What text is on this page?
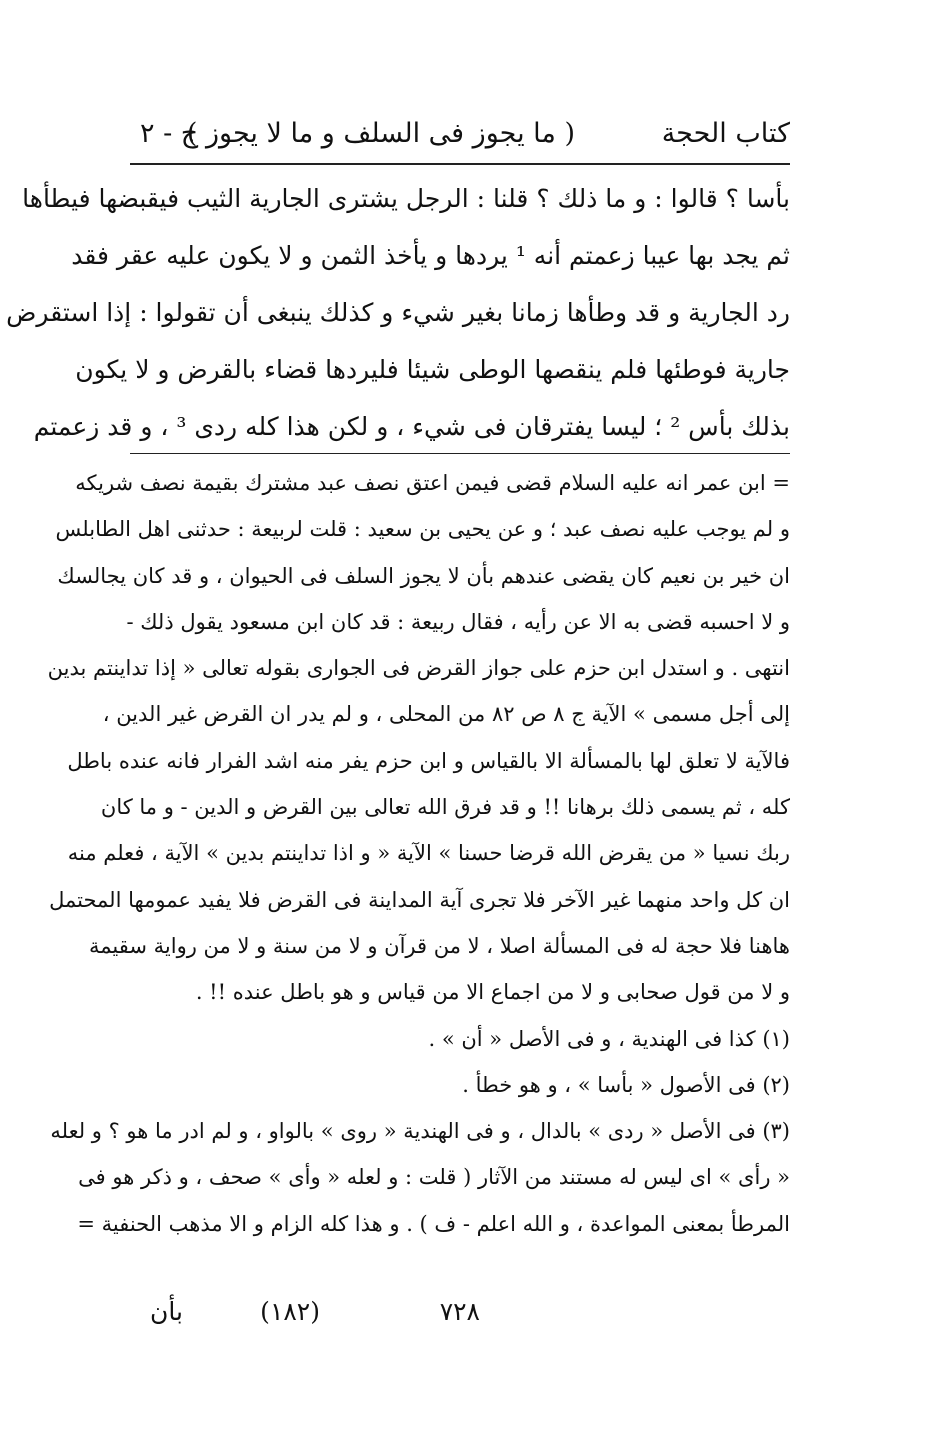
كتاب الحجة
( ما يجوز فى السلف و ما لا يجوز )
ج - ٢
بأسا ؟ قالوا : و ما ذلك ؟ قلنا : الرجل يشترى الجارية الثيب فيقبضها فيطأها
ثم يجد بها عيبا زعمتم أنه ¹ يردها و يأخذ الثمن و لا يكون عليه عقر فقد
رد الجارية و قد وطأها زمانا بغير شيء و كذلك ينبغى أن تقولوا : إذا استقرض
جارية فوطئها فلم ينقصها الوطى شيئا فليردها قضاء بالقرض و لا يكون
بذلك بأس ² ؛ ليسا يفترقان فى شيء ، و لكن هذا كله ردى ³ ، و قد زعمتم
= ابن عمر انه عليه السلام قضى فيمن اعتق نصف عبد مشترك بقيمة نصف شريكه
و لم يوجب عليه نصف عبد ؛ و عن يحيى بن سعيد : قلت لربيعة : حدثنى اهل الطابلس
ان خير بن نعيم كان يقضى عندهم بأن لا يجوز السلف فى الحيوان ، و قد كان يجالسك
و لا احسبه قضى به الا عن رأيه ، فقال ربيعة : قد كان ابن مسعود يقول ذلك -
انتهى . و استدل ابن حزم على جواز القرض فى الجوارى بقوله تعالى « إذا تداينتم بدين
إلى أجل مسمى » الآية ج ٨ ص ٨٢ من المحلى ، و لم يدر ان القرض غير الدين ،
فالآية لا تعلق لها بالمسألة الا بالقياس و ابن حزم يفر منه اشد الفرار فانه عنده باطل
كله ، ثم يسمى ذلك برهانا !! و قد فرق الله تعالى بين القرض و الدين - و ما كان
ربك نسيا « من يقرض الله قرضا حسنا » الآية « و اذا تداينتم بدين » الآية ، فعلم منه
ان كل واحد منهما غير الآخر فلا تجرى آية المداينة فى القرض فلا يفيد عمومها المحتمل
هاهنا فلا حجة له فى المسألة اصلا ، لا من قرآن و لا من سنة و لا من رواية سقيمة
و لا من قول صحابى و لا من اجماع الا من قياس و هو باطل عنده !! .
(١) كذا فى الهندية ، و فى الأصل « أن » .
(٢) فى الأصول « بأسا » ، و هو خطأ .
(٣) فى الأصل « ردى » بالدال ، و فى الهندية « روى » بالواو ، و لم ادر ما هو ؟ و لعله
« رأى » اى ليس له مستند من الآثار ( قلت : و لعله « وأى » صحف ، و ذكر هو فى
المرطأ بمعنى المواعدة ، و الله اعلم - ف ) . و هذا كله الزام و الا مذهب الحنفية =
٧٢٨
(١٨٢)
بأن
